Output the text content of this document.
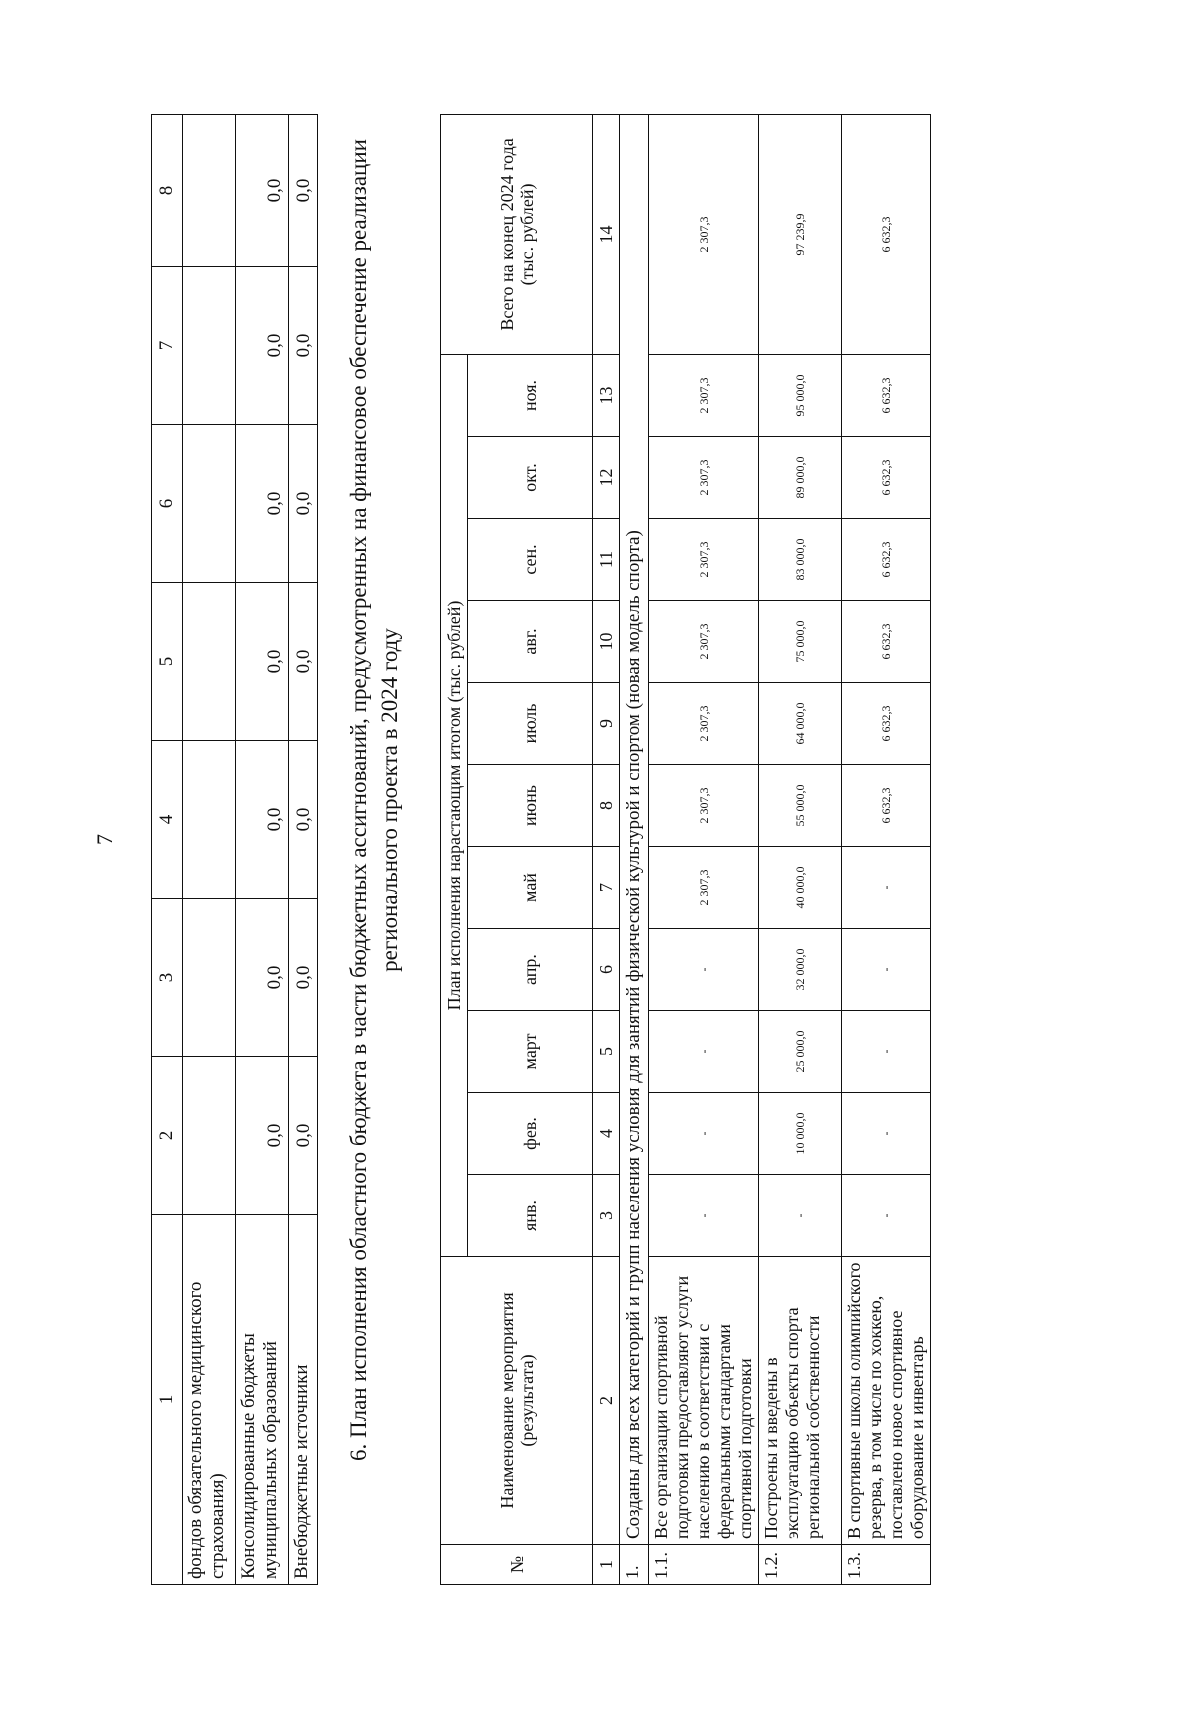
7
1	2	3	4	5	6	7	8
фондов обязательного медицинского страхования)							
Консолидированные бюджеты муниципальных образований	0,0	0,0	0,0	0,0	0,0	0,0	0,0
Внебюджетные источники	0,0	0,0	0,0	0,0	0,0	0,0	0,0 6. План исполнения областного бюджета в части бюджетных ассигнований, предусмотренных на финансовое обеспечение реализации регионального проекта в 2024 году
№	Наименование мероприятия (результата)	План исполнения нарастающим итогом (тыс. рублей)											Всего на конец 2024 года (тыс. рублей)
		янв.	фев.	март	апр.	май	июнь	июль	авг.	сен.	окт.	ноя.	
1	2	3	4	5	6	7	8	9	10	11	12	13	14
1.	Созданы для всех категорий и групп населения условия для занятий физической культурой и спортом (новая модель спорта)												
1.1.	Все организации спортивной подготовки предоставляют услуги населению в соответствии с федеральными стандартами спортивной подготовки	-	-	-	-	2 307,3	2 307,3	2 307,3	2 307,3	2 307,3	2 307,3	2 307,3	2 307,3
1.2.	Построены и введены в эксплуатацию объекты спорта региональной собственности	-	10 000,0	25 000,0	32 000,0	40 000,0	55 000,0	64 000,0	75 000,0	83 000,0	89 000,0	95 000,0	97 239,9
1.3.	В спортивные школы олимпийского резерва, в том числе по хоккею, поставлено новое спортивное оборудование и инвентарь	-	-	-	-	-	6 632,3	6 632,3	6 632,3	6 632,3	6 632,3	6 632,3	6 632,3
